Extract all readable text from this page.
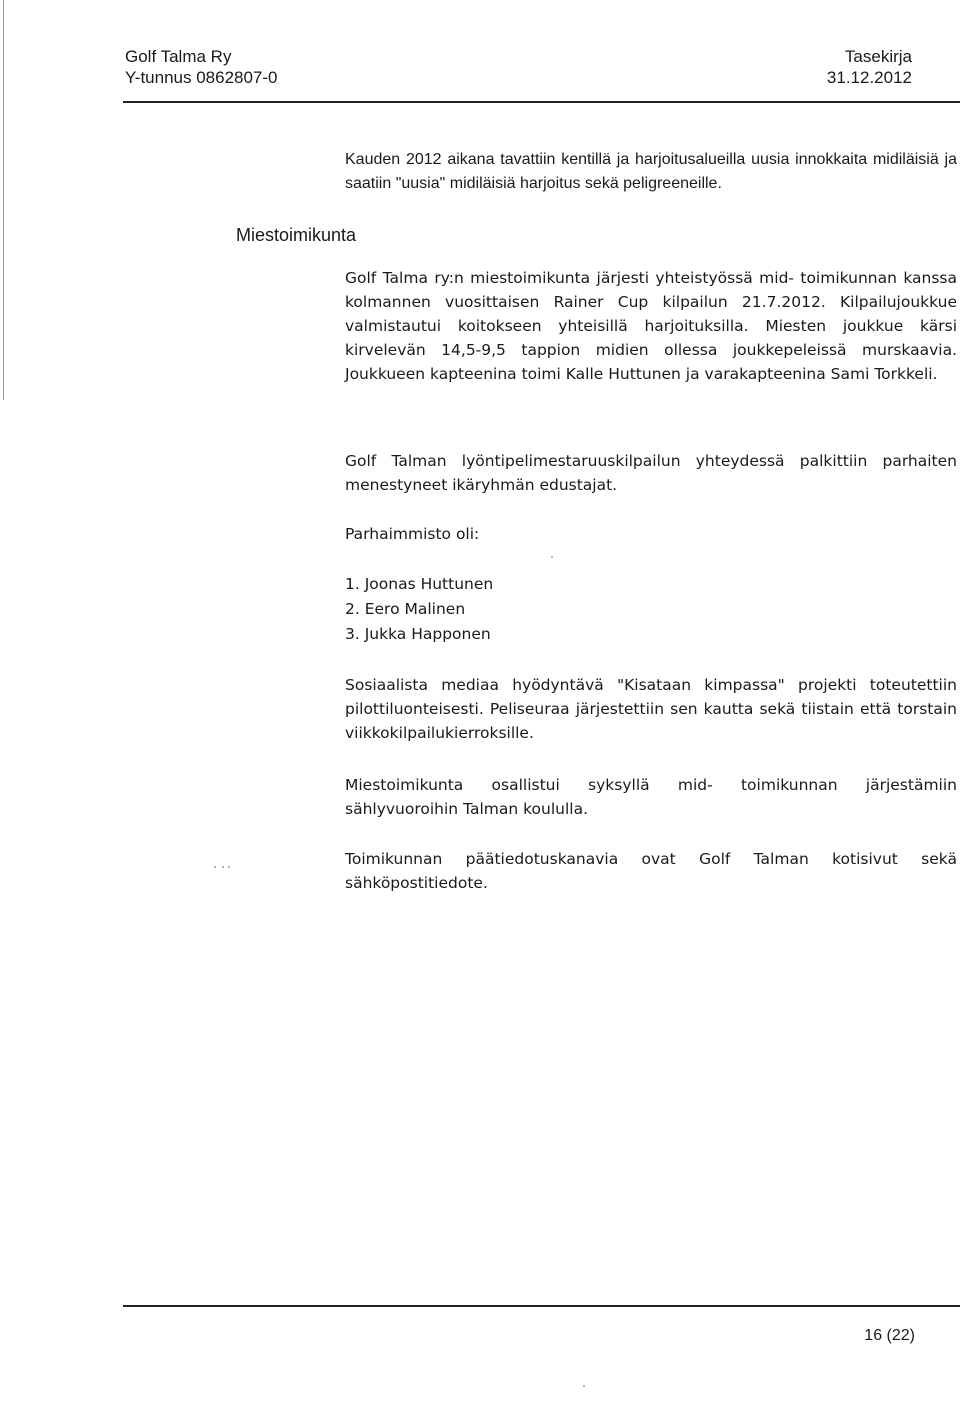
Golf Talma Ry
Y-tunnus 0862807-0
Tasekirja
31.12.2012

Kauden 2012 aikana tavattiin kentillä ja harjoitusalueilla uusia innokkaita midiläisiä ja saatiin "uusia" midiläisiä harjoitus sekä peligreeneille.

Miestoimikunta

Golf Talma ry:n miestoimikunta järjesti yhteistyössä mid- toimikunnan kanssa kolmannen vuosittaisen Rainer Cup kilpailun 21.7.2012. Kilpailujoukkue valmistautui koitokseen yhteisillä harjoituksilla. Miesten joukkue kärsi kirvelevän 14,5-9,5 tappion midien ollessa joukkepeleissä murskaavia. Joukkueen kapteenina toimi Kalle Huttunen ja varakapteenina Sami Torkkeli.

Golf Talman lyöntipelimestaruuskilpailun yhteydessä palkittiin parhaiten menestyneet ikäryhmän edustajat.

Parhaimmisto oli:

1. Joonas Huttunen
2. Eero Malinen
3. Jukka Happonen

Sosiaalista mediaa hyödyntävä "Kisataan kimpassa" projekti toteutettiin pilottiluonteisesti. Peliseuraa järjestettiin sen kautta sekä tiistain että torstain viikkokilpailukierroksille.

Miestoimikunta osallistui syksyllä mid- toimikunnan järjestämiin sählyvuoroihin Talman koululla.

Toimikunnan päätiedotuskanavia ovat Golf Talman kotisivut sekä sähköpostitiedote.

16 (22)
